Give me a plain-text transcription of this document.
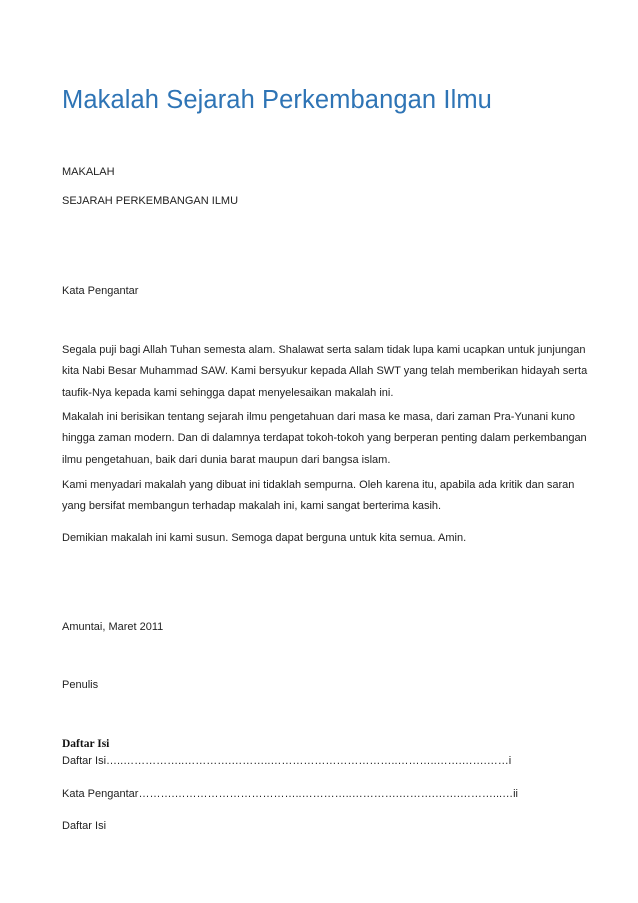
Makalah Sejarah Perkembangan Ilmu

MAKALAH

SEJARAH PERKEMBANGAN ILMU

Kata Pengantar

Segala puji bagi Allah Tuhan semesta alam. Shalawat serta salam tidak lupa kami ucapkan untuk junjungan
kita Nabi Besar Muhammad SAW. Kami bersyukur kepada Allah SWT yang telah memberikan hidayah serta
taufik-Nya kepada kami sehingga dapat menyelesaikan makalah ini.
Makalah ini berisikan tentang sejarah ilmu pengetahuan dari masa ke masa, dari zaman Pra-Yunani kuno
hingga zaman modern. Dan di dalamnya terdapat tokoh-tokoh yang berperan penting dalam perkembangan
ilmu pengetahuan, baik dari dunia barat maupun dari bangsa islam.
Kami menyadari makalah yang dibuat ini tidaklah sempurna. Oleh karena itu, apabila ada kritik dan saran
yang bersifat membangun terhadap makalah ini, kami sangat berterima kasih.
Demikian makalah ini kami susun. Semoga dapat berguna untuk kita semua. Amin.

Amuntai, Maret 2011

Penulis

Daftar Isi

Daftar Isi…..……………..………….………..……………………………..………..…….…….……i

Kata Pengantar……….……………………………..…………..………….……….…….………...…ii

Daftar Isi
